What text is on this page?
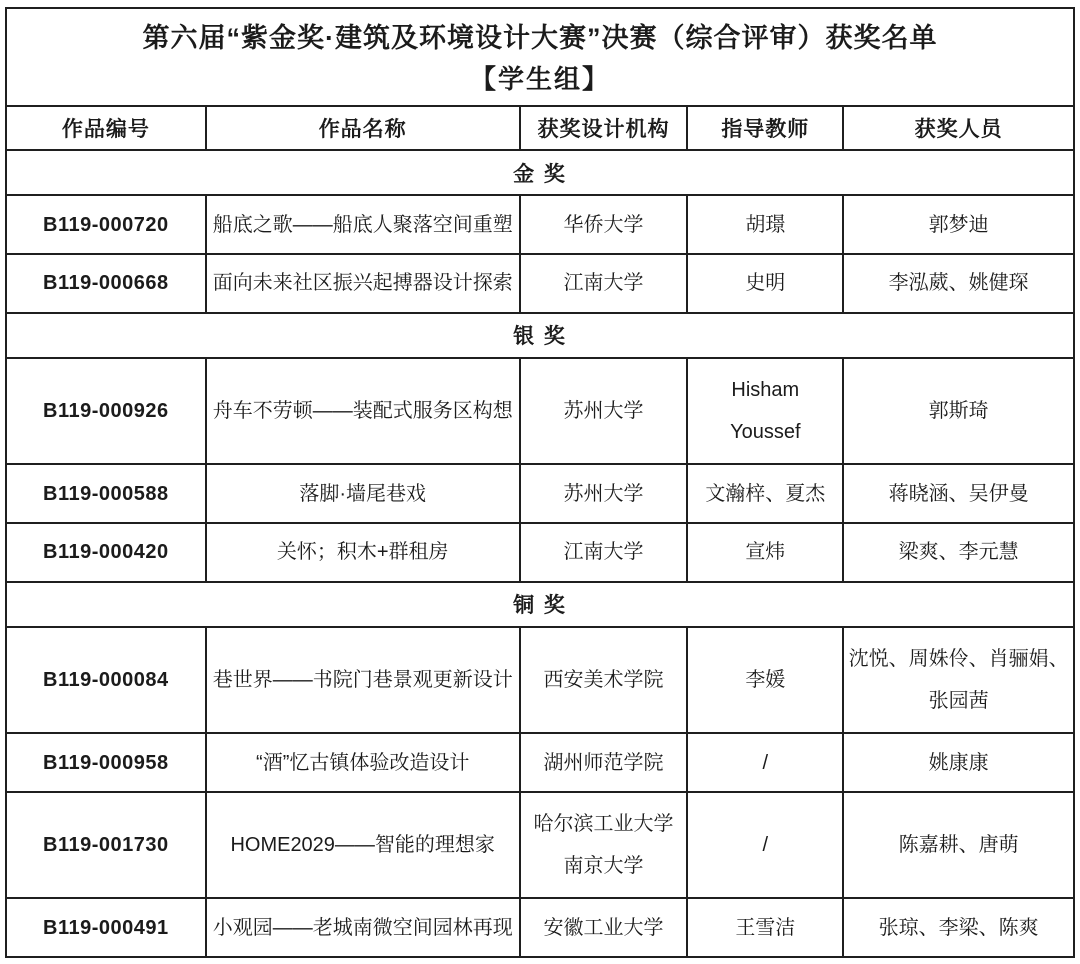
第六届“紫金奖·建筑及环境设计大赛”决赛（综合评审）获奖名单
【学生组】				

作品编号	作品名称	获奖设计机构	指导教师	获奖人员
金 奖				
B119-000720	船底之歌——船底人聚落空间重塑	华侨大学	胡璟	郭梦迪
B119-000668	面向未来社区振兴起搏器设计探索	江南大学	史明	李泓葳、姚健琛
银 奖				
B119-000926	舟车不劳顿——装配式服务区构想	苏州大学	Hisham Youssef	郭斯琦
B119-000588	落脚·墙尾巷戏	苏州大学	文瀚梓、夏杰	蒋晓涵、吴伊曼
B119-000420	关怀；积木+群租房	江南大学	宣炜	梁爽、李元慧
铜 奖				
B119-000084	巷世界——书院门巷景观更新设计	西安美术学院	李媛	沈悦、周姝伶、肖骊娟、张园茜
B119-000958	“酒”忆古镇体验改造设计	湖州师范学院	/	姚康康
B119-001730	HOME2029——智能的理想家	哈尔滨工业大学 南京大学	/	陈嘉耕、唐萌
B119-000491	小观园——老城南微空间园林再现	安徽工业大学	王雪洁	张琼、李梁、陈爽
